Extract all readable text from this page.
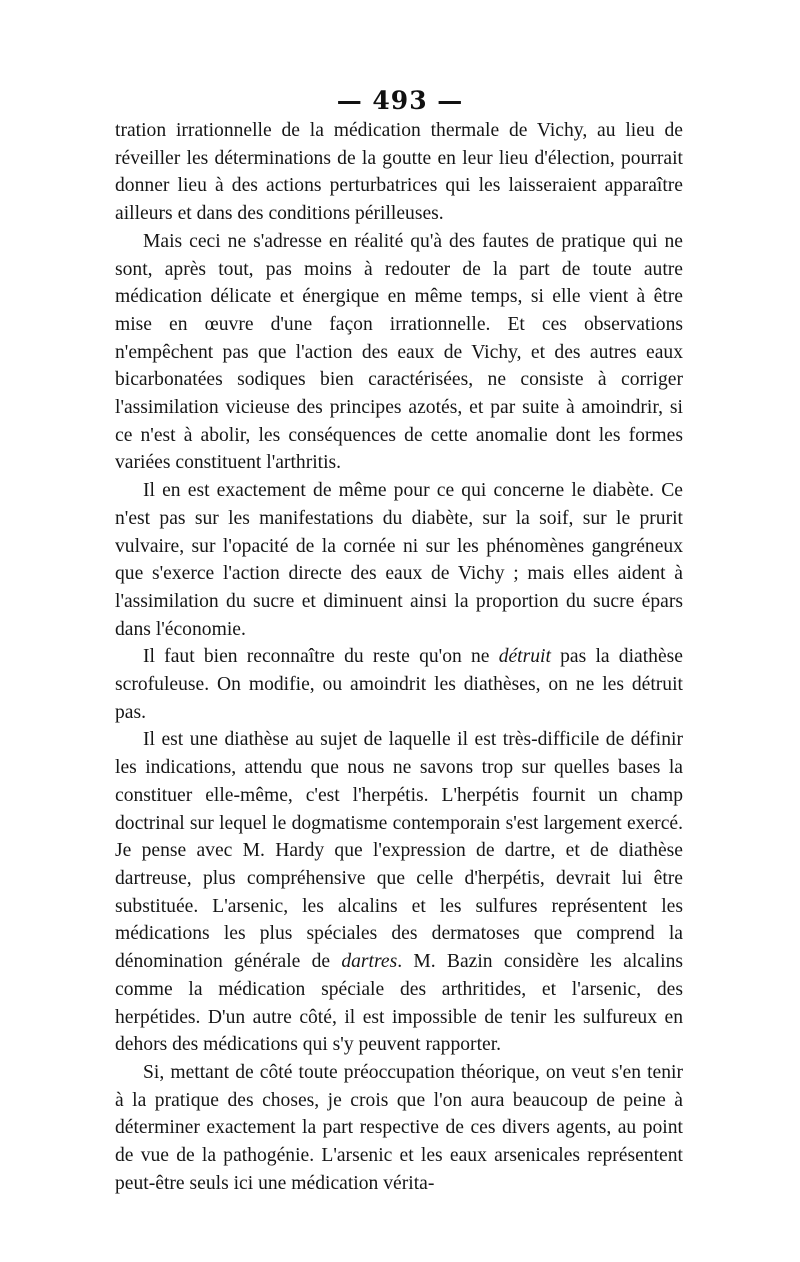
— 493 —

tration irrationnelle de la médication thermale de Vichy, au lieu de réveiller les déterminations de la goutte en leur lieu d'élection, pourrait donner lieu à des actions perturbatrices qui les laisseraient apparaître ailleurs et dans des conditions périlleuses.

Mais ceci ne s'adresse en réalité qu'à des fautes de pratique qui ne sont, après tout, pas moins à redouter de la part de toute autre médication délicate et énergique en même temps, si elle vient à être mise en œuvre d'une façon irrationnelle. Et ces observations n'empêchent pas que l'action des eaux de Vichy, et des autres eaux bicarbonatées sodiques bien caractérisées, ne consiste à corriger l'assimilation vicieuse des principes azotés, et par suite à amoindrir, si ce n'est à abolir, les conséquences de cette anomalie dont les formes variées constituent l'arthritis.

Il en est exactement de même pour ce qui concerne le diabète. Ce n'est pas sur les manifestations du diabète, sur la soif, sur le prurit vulvaire, sur l'opacité de la cornée ni sur les phénomènes gangréneux que s'exerce l'action directe des eaux de Vichy ; mais elles aident à l'assimilation du sucre et diminuent ainsi la proportion du sucre épars dans l'économie.

Il faut bien reconnaître du reste qu'on ne détruit pas la diathèse scrofuleuse. On modifie, ou amoindrit les diathèses, on ne les détruit pas.

Il est une diathèse au sujet de laquelle il est très-difficile de définir les indications, attendu que nous ne savons trop sur quelles bases la constituer elle-même, c'est l'herpétis. L'herpétis fournit un champ doctrinal sur lequel le dogmatisme contemporain s'est largement exercé. Je pense avec M. Hardy que l'expression de dartre, et de diathèse dartreuse, plus compréhensive que celle d'herpétis, devrait lui être substituée. L'arsenic, les alcalins et les sulfures représentent les médications les plus spéciales des dermatoses que comprend la dénomination générale de dartres. M. Bazin considère les alcalins comme la médication spéciale des arthritides, et l'arsenic, des herpétides. D'un autre côté, il est impossible de tenir les sulfureux en dehors des médications qui s'y peuvent rapporter.

Si, mettant de côté toute préoccupation théorique, on veut s'en tenir à la pratique des choses, je crois que l'on aura beaucoup de peine à déterminer exactement la part respective de ces divers agents, au point de vue de la pathogénie. L'arsenic et les eaux arsenicales représentent peut-être seuls ici une médication vérita-
